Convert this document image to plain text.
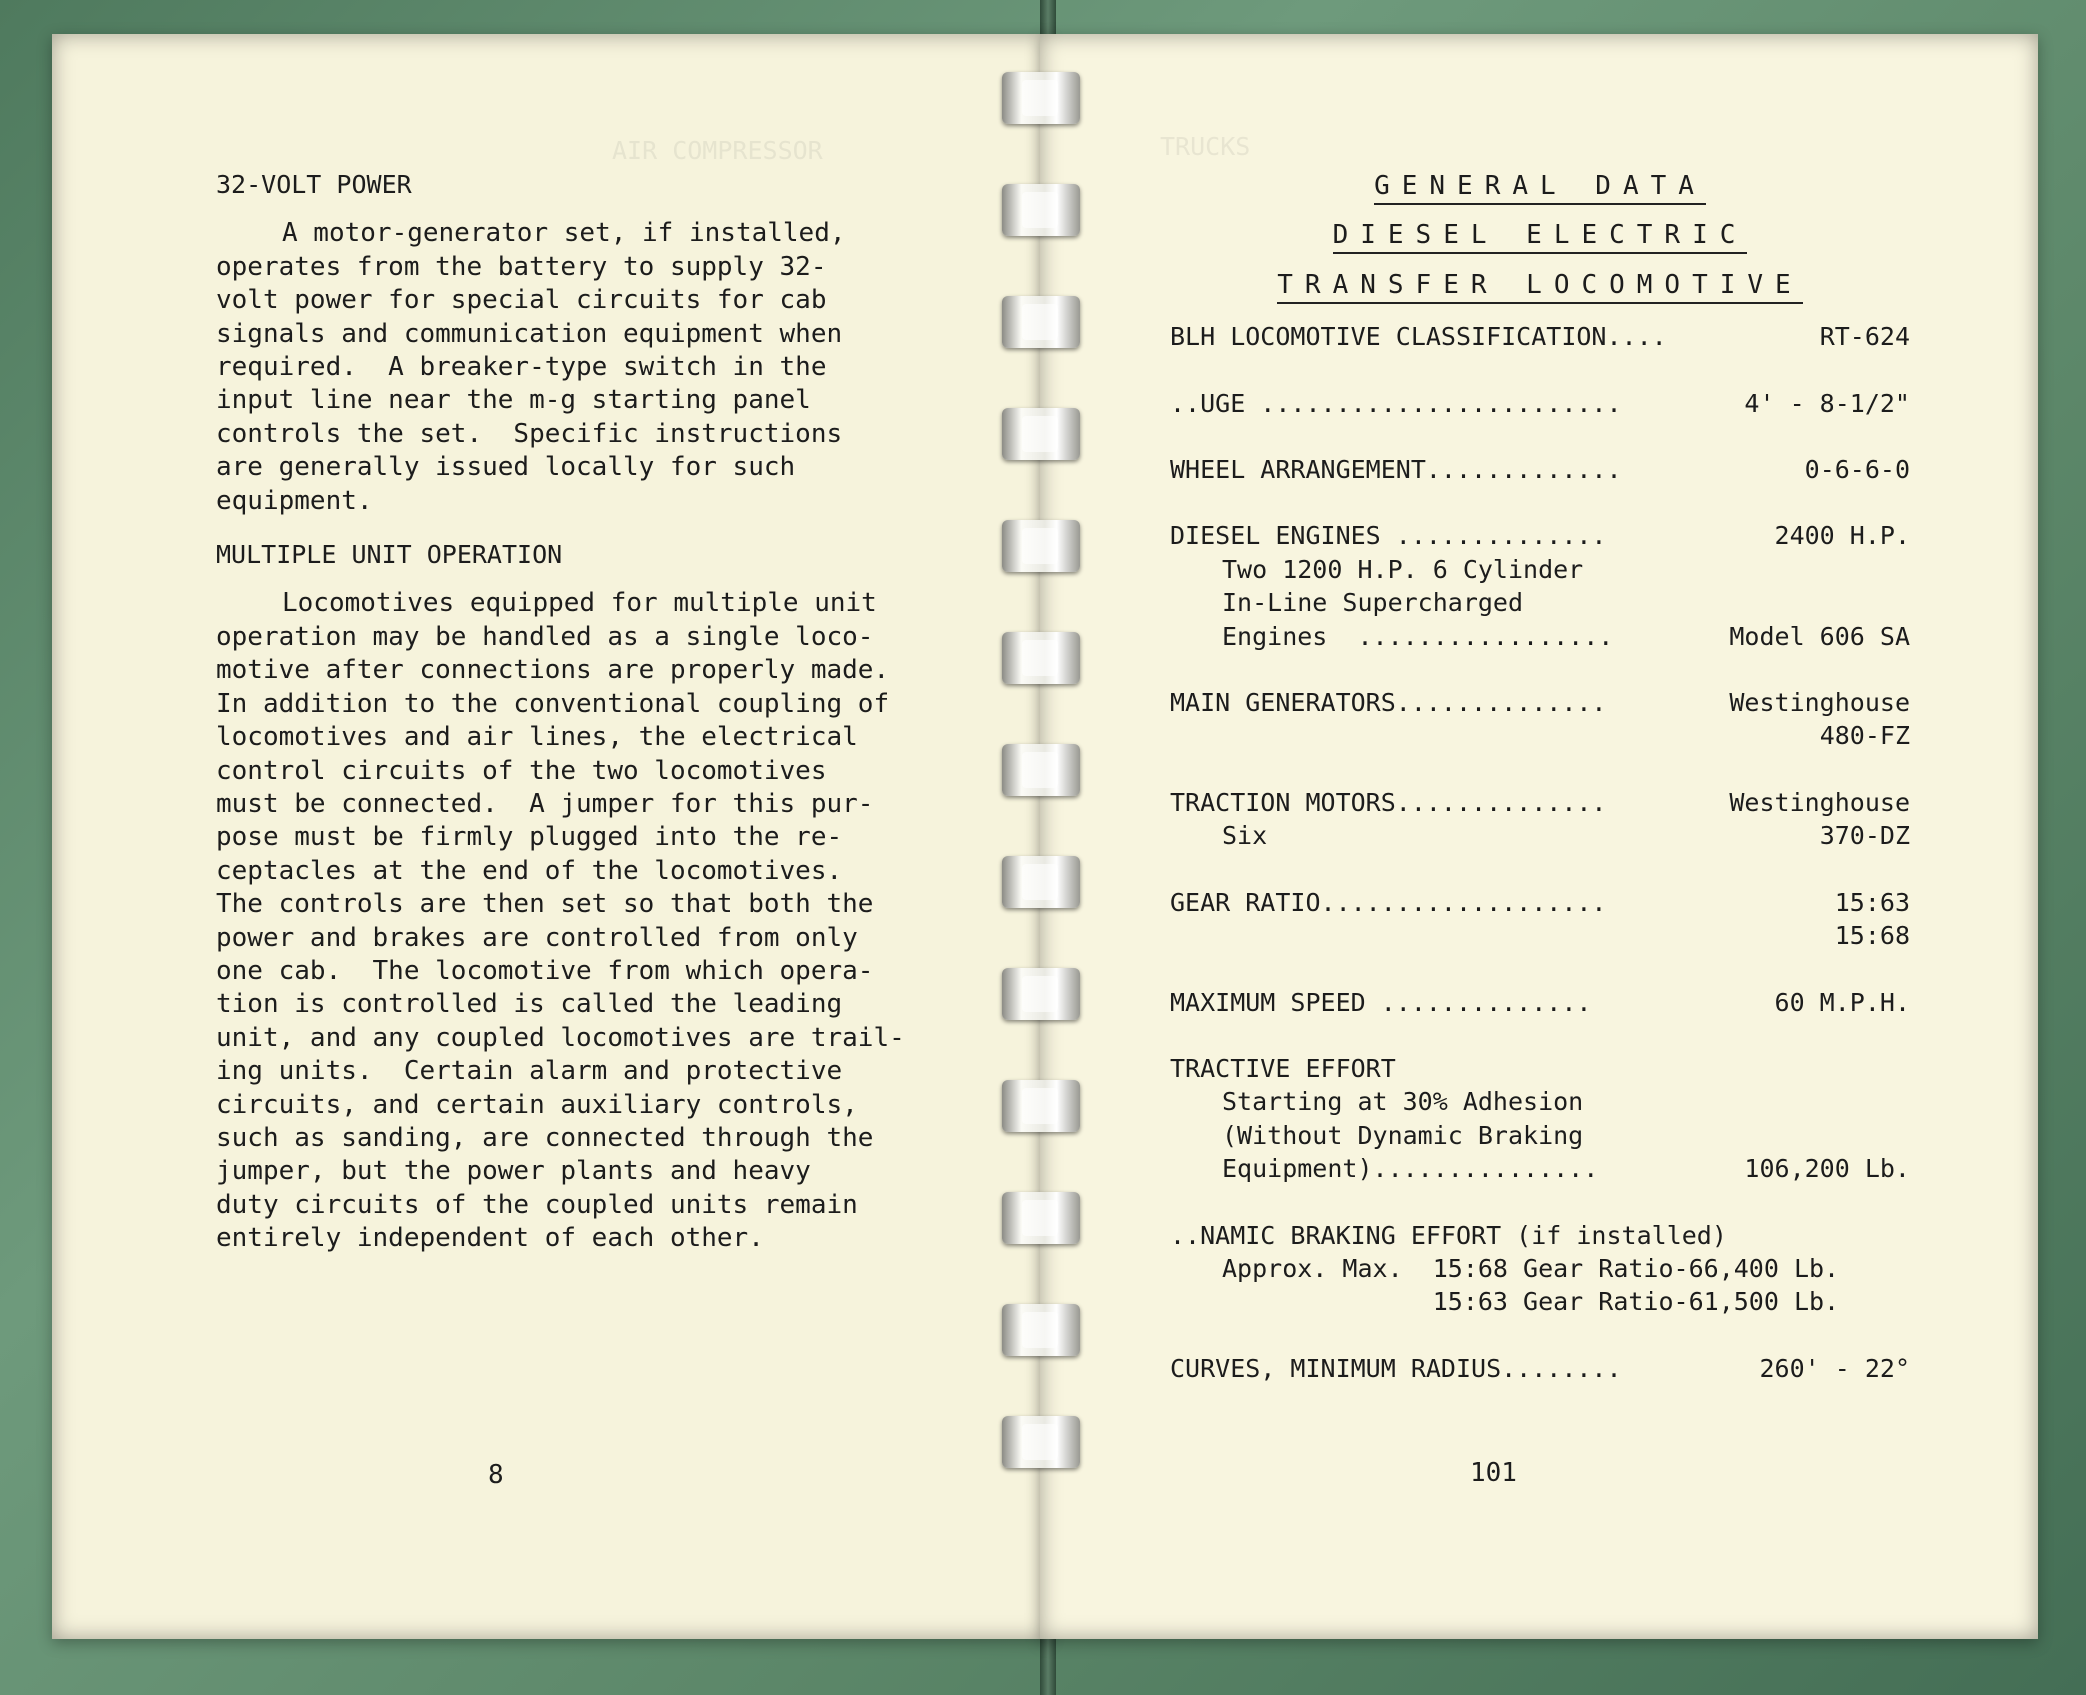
AIR COMPRESSOR	TRUCKS

32-VOLT POWER

A motor-generator set, if installed,

operates from the battery to supply 32-

volt power for special circuits for cab

signals and communication equipment when

required.  A breaker-type switch in the

input line near the m-g starting panel

controls the set.  Specific instructions

are generally issued locally for such

equipment.

MULTIPLE UNIT OPERATION

Locomotives equipped for multiple unit

operation may be handled as a single loco-

motive after connections are properly made.

In addition to the conventional coupling of

locomotives and air lines, the electrical

control circuits of the two locomotives

must be connected.  A jumper for this pur-

pose must be firmly plugged into the re-

ceptacles at the end of the locomotives.

The controls are then set so that both the

power and brakes are controlled from only

one cab.  The locomotive from which opera-

tion is controlled is called the leading

unit, and any coupled locomotives are trail-

ing units.  Certain alarm and protective

circuits, and certain auxiliary controls,

such as sanding, are connected through the

jumper, but the power plants and heavy

duty circuits of the coupled units remain

entirely independent of each other.

8
GENERAL DATA
DIESEL ELECTRIC
TRANSFER LOCOMOTIVE
BLH LOCOMOTIVE CLASSIFICATION....	RT-624
..UGE ........................	4' - 8-1/2"
WHEEL ARRANGEMENT.............	0-6-6-0
DIESEL ENGINES ..............	2400 H.P.
Two 1200 H.P. 6 Cylinder
In-Line Supercharged
Engines  .................	Model 606 SA
MAIN GENERATORS..............	Westinghouse
480-FZ
TRACTION MOTORS..............	Westinghouse
Six	370-DZ
GEAR RATIO...................	15:63
15:68
MAXIMUM SPEED ..............	60 M.P.H.
TRACTIVE EFFORT
Starting at 30% Adhesion
(Without Dynamic Braking
Equipment)...............	106,200 Lb.
..NAMIC BRAKING EFFORT (if installed)
Approx. Max.  15:68 Gear Ratio-66,400 Lb.
15:63 Gear Ratio-61,500 Lb.
CURVES, MINIMUM RADIUS........	260' - 22°
101
